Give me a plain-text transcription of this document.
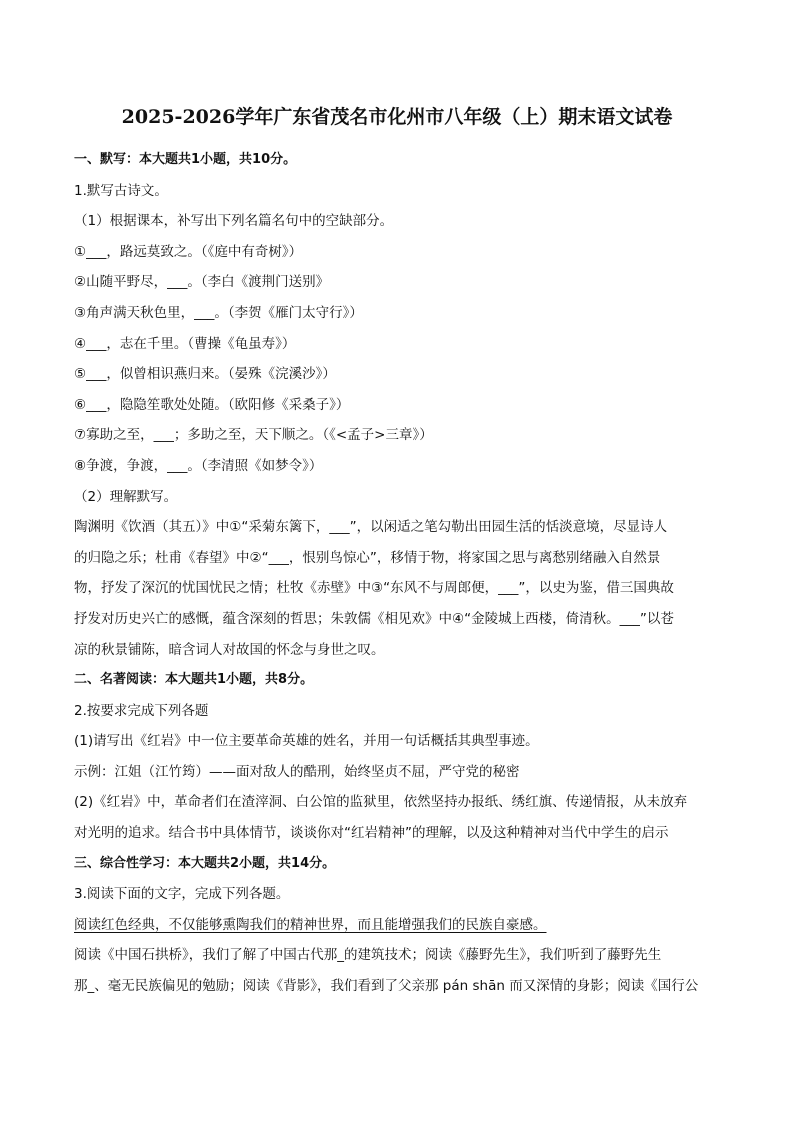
2025-2026学年广东省茂名市化州市八年级（上）期末语文试卷
一、默写：本大题共1小题，共10分。
1.默写古诗文。
（1）根据课本，补写出下列名篇名句中的空缺部分。
①___，路远莫致之。（《庭中有奇树》）
②山随平野尽，___。（李白《渡荆门送别》
③角声满天秋色里，___。（李贺《雁门太守行》）
④___，志在千里。（曹操《龟虽寿》）
⑤___，似曾相识燕归来。（晏殊《浣溪沙》）
⑥___，隐隐笙歌处处随。（欧阳修《采桑子》）
⑦寡助之至，___；多助之至，天下顺之。（《<孟子>三章》）
⑧争渡，争渡，___。（李清照《如梦令》）
（2）理解默写。
陶渊明《饮酒（其五）》中①“采菊东篱下，___”，以闲适之笔勾勒出田园生活的恬淡意境，尽显诗人
的归隐之乐；杜甫《春望》中②“___，恨别鸟惊心”，移情于物，将家国之思与离愁别绪融入自然景
物，抒发了深沉的忧国忧民之情；杜牧《赤壁》中③“东风不与周郎便，___”，以史为鉴，借三国典故
抒发对历史兴亡的感慨，蕴含深刻的哲思；朱敦儒《相见欢》中④“金陵城上西楼，倚清秋。___”以苍
凉的秋景铺陈，暗含词人对故国的怀念与身世之叹。
二、名著阅读：本大题共1小题，共8分。
2.按要求完成下列各题
(1)请写出《红岩》中一位主要革命英雄的姓名，并用一句话概括其典型事迹。
示例：江姐（江竹筠）——面对敌人的酷刑，始终坚贞不屈，严守党的秘密
(2)《红岩》中，革命者们在渣滓洞、白公馆的监狱里，依然坚持办报纸、绣红旗、传递情报，从未放弃
对光明的追求。结合书中具体情节，谈谈你对“红岩精神”的理解，以及这种精神对当代中学生的启示
三、综合性学习：本大题共2小题，共14分。
3.阅读下面的文字，完成下列各题。
阅读红色经典，不仅能够熏陶我们的精神世界，而且能增强我们的民族自豪感。
阅读《中国石拱桥》，我们了解了中国古代那_的建筑技术；阅读《藤野先生》，我们听到了藤野先生
那_、毫无民族偏见的勉励；阅读《背影》，我们看到了父亲那 pán shān 而又深情的身影；阅读《国行公
